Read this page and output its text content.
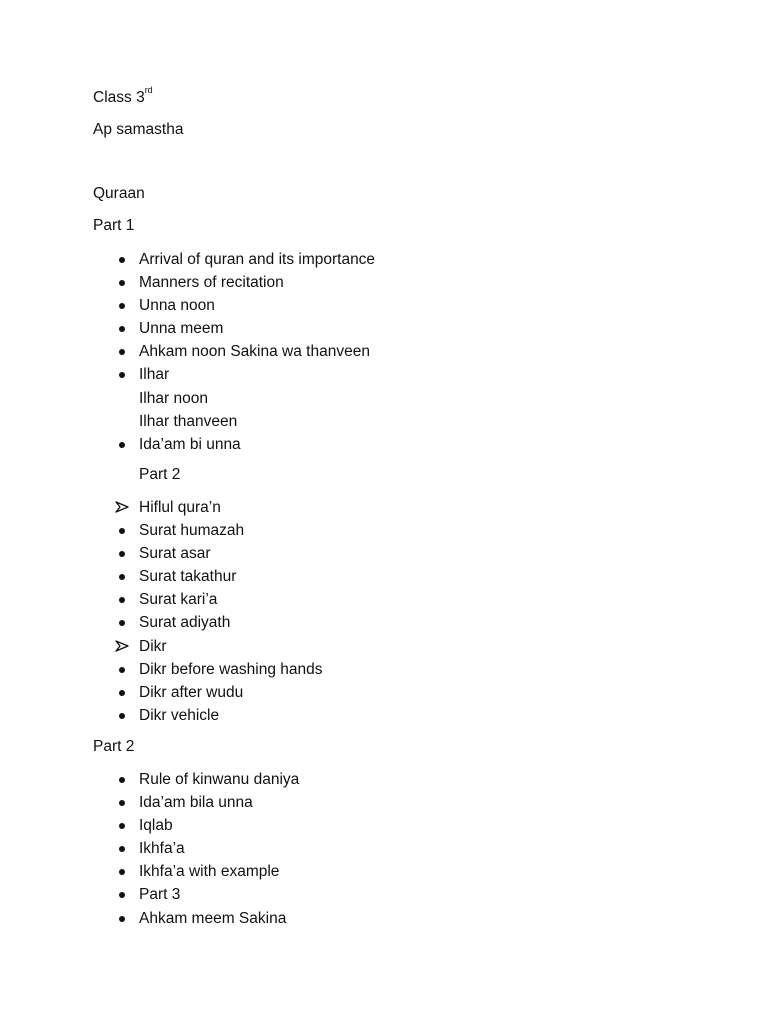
Class 3rd

Ap samastha

Quraan

Part 1

Arrival of quran and its importance
Manners of recitation
Unna noon
Unna meem
Ahkam noon Sakina wa thanveen
Ilhar
Ilhar noon
Ilhar thanveen
Ida’am bi unna

Part 2

Hiflul qura’n
Surat humazah
Surat asar
Surat takathur
Surat kari’a
Surat adiyath
Dikr
Dikr before washing hands
Dikr after wudu
Dikr vehicle

Part 2

Rule of kinwanu daniya
Ida’am bila unna
Iqlab
Ikhfa’a
Ikhfa’a with example
Part 3
Ahkam meem Sakina
